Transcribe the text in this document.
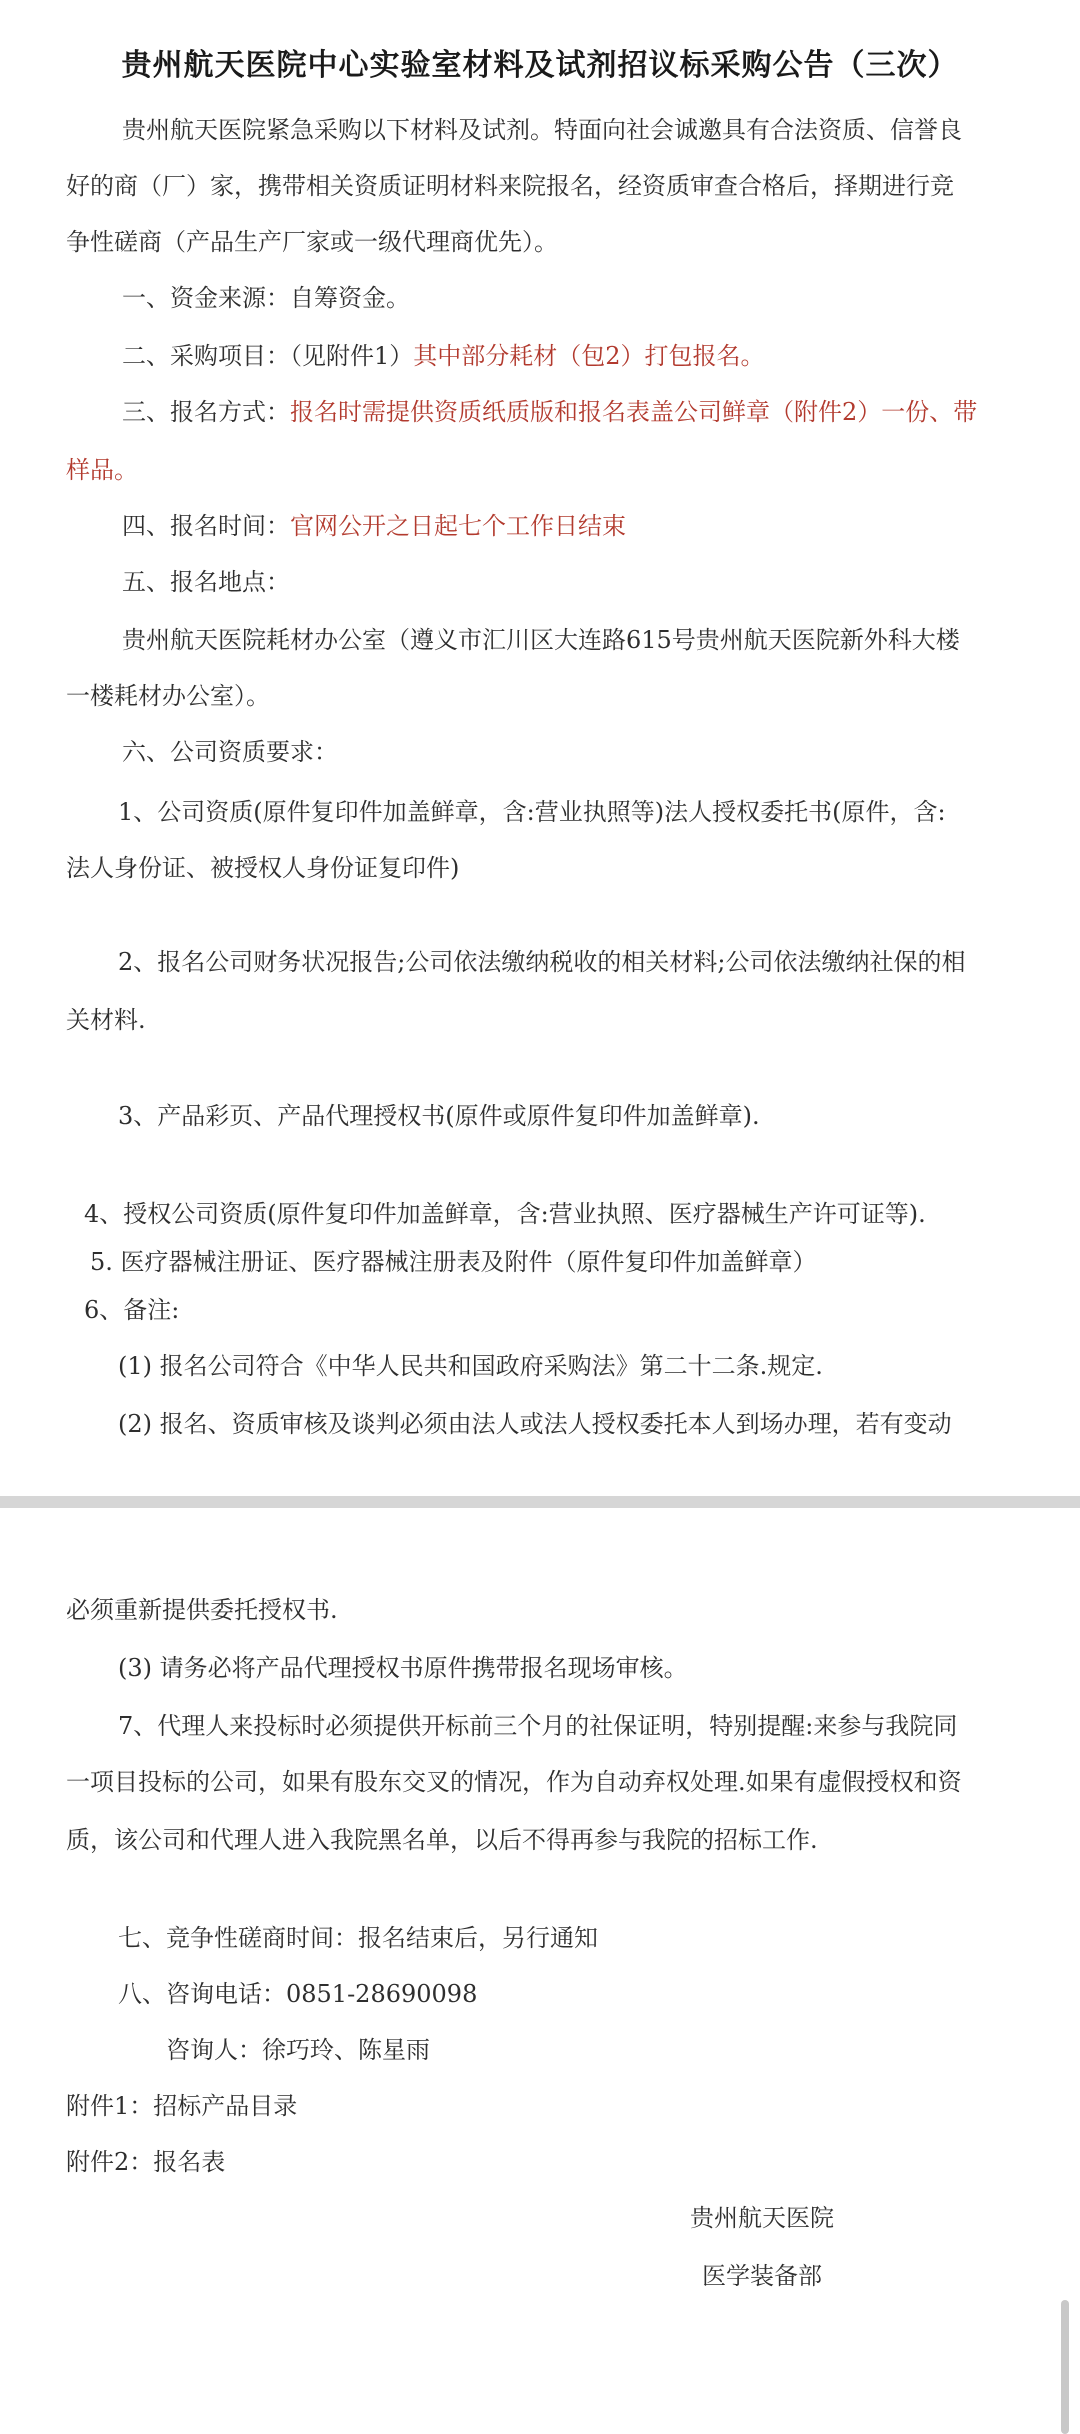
贵州航天医院中心实验室材料及试剂招议标采购公告（三次）
贵州航天医院紧急采购以下材料及试剂。特面向社会诚邀具有合法资质、信誉良
好的商（厂）家，携带相关资质证明材料来院报名，经资质审查合格后，择期进行竞
争性磋商（产品生产厂家或一级代理商优先）。
一、资金来源：自筹资金。
二、采购项目：（见附件1）其中部分耗材（包2）打包报名。
三、报名方式：报名时需提供资质纸质版和报名表盖公司鲜章（附件2）一份、带
样品。
四、报名时间：官网公开之日起七个工作日结束
五、报名地点：
贵州航天医院耗材办公室（遵义市汇川区大连路615号贵州航天医院新外科大楼
一楼耗材办公室）。
六、公司资质要求：
1、公司资质(原件复印件加盖鲜章，含:营业执照等)法人授权委托书(原件，含:
法人身份证、被授权人身份证复印件)
2、报名公司财务状况报告;公司依法缴纳税收的相关材料;公司依法缴纳社保的相
关材料.
3、产品彩页、产品代理授权书(原件或原件复印件加盖鲜章).
4、授权公司资质(原件复印件加盖鲜章，含:营业执照、医疗器械生产许可证等).
5. 医疗器械注册证、医疗器械注册表及附件（原件复印件加盖鲜章）
6、备注:
(1) 报名公司符合《中华人民共和国政府采购法》第二十二条.规定.
(2) 报名、资质审核及谈判必须由法人或法人授权委托本人到场办理，若有变动
必须重新提供委托授权书.
(3) 请务必将产品代理授权书原件携带报名现场审核。
7、代理人来投标时必须提供开标前三个月的社保证明，特别提醒:来参与我院同
一项目投标的公司，如果有股东交叉的情况，作为自动弃权处理.如果有虚假授权和资
质，该公司和代理人进入我院黑名单，以后不得再参与我院的招标工作.
七、竞争性磋商时间：报名结束后，另行通知
八、咨询电话：0851-28690098
咨询人：徐巧玲、陈星雨
附件1：招标产品目录
附件2：报名表
贵州航天医院
医学装备部
